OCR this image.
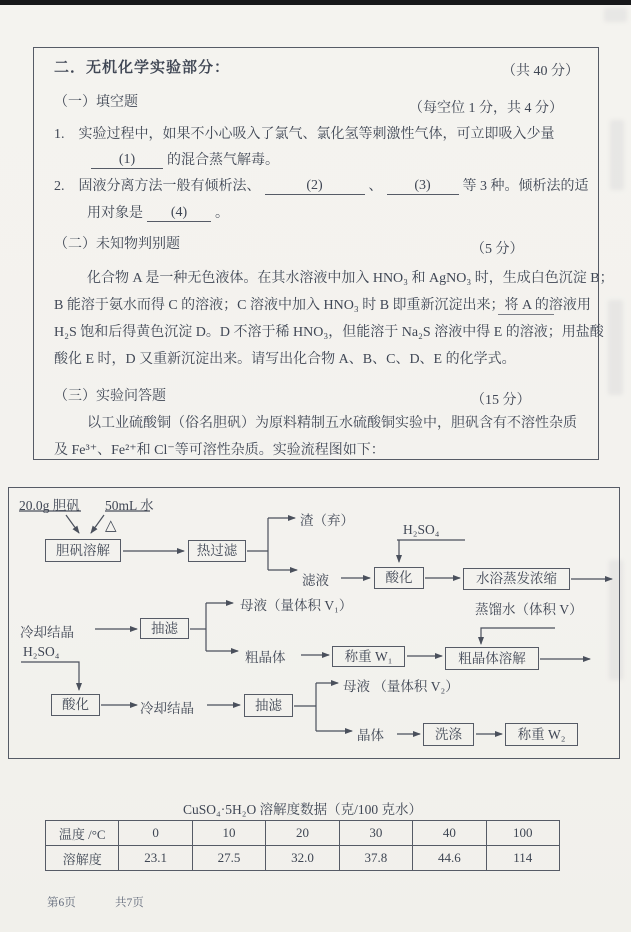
二．无机化学实验部分：	（共 40 分）
（一）填空题	（每空位 1 分，共 4 分）
1.　实验过程中，如果不小心吸入了氯气、氯化氢等刺激性气体，可立即吸入少量
(1) 的混合蒸气解毒。
2.　固液分离方法一般有倾析法、	(2)	、 (3) 等 3 种。倾析法的适
用对象是 (4) 。
（二）未知物判别题	（5 分）
化合物 A 是一种无色液体。在其水溶液中加入 HNO₃ 和 AgNO₃ 时，生成白色沉淀 B；
B 能溶于氨水而得 C 的溶液；C 溶液中加入 HNO₃ 时 B 即重新沉淀出来；将 A 的溶液用
H₂S 饱和后得黄色沉淀 D。D 不溶于稀 HNO₃，但能溶于 Na₂S 溶液中得 E 的溶液；用盐酸
酸化 E 时，D 又重新沉淀出来。请写出化合物 A、B、C、D、E 的化学式。
（三）实验问答题	（15 分）
以工业硫酸铜（俗名胆矾）为原料精制五水硫酸铜实验中，胆矾含有不溶性杂质
及 Fe³⁺、Fe²⁺和 Cl⁻等可溶性杂质。实验流程图如下：
20.0g 胆矾 50mL 水
△
胆矾溶解	热过滤
渣（弃）
滤液
H₂SO₄
酸化	水浴蒸发浓缩
蒸馏水（体积 V）
母液（量体积 V₁）
冷却结晶	抽滤
粗晶体	称重 W₁	粗晶体溶解
H₂SO₄
酸化	冷却结晶	抽滤
母液 （量体积 V₂）
晶体	洗涤	称重 W₂
CuSO₄·5H₂O 溶解度数据（克/100 克水）
温度 /°C	0	10	20	30	40	100
溶解度	23.1	27.5	32.0	37.8	44.6	114
第6页	共7页
